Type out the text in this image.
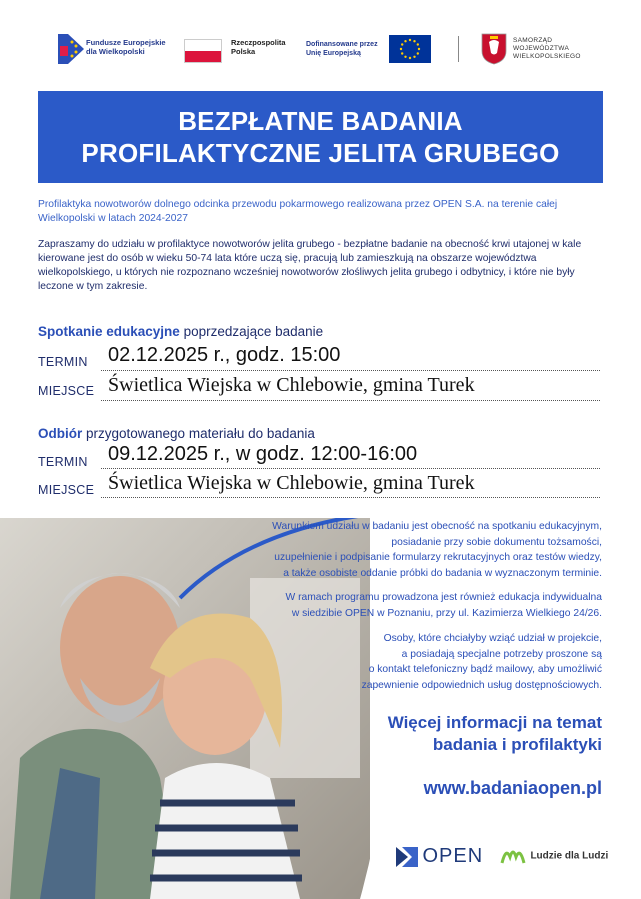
Fundusze Europejskie
dla Wielkopolski
Rzeczpospolita
Polska
Dofinansowane przez
Unię Europejską
SAMORZĄD
WOJEWÓDZTWA
WIELKOPOLSKIEGO
BEZPŁATNE BADANIA
PROFILAKTYCZNE JELITA GRUBEGO
Profilaktyka nowotworów dolnego odcinka przewodu pokarmowego realizowana przez OPEN S.A. na terenie całej Wielkopolski w latach 2024-2027
Zapraszamy do udziału w profilaktyce nowotworów jelita grubego - bezpłatne badanie na obecność krwi utajonej w kale kierowane jest do osób w wieku 50-74 lata które uczą się, pracują lub zamieszkują na obszarze województwa wielkopolskiego, u których nie rozpoznano wcześniej nowotworów złośliwych jelita grubego i odbytnicy, i które nie były leczone w tym zakresie.
Spotkanie edukacyjne poprzedzające badanie
TERMIN 02.12.2025 r., godz. 15:00
MIEJSCE Świetlica Wiejska w Chlebowie, gmina Turek
Odbiór przygotowanego materiału do badania
TERMIN 09.12.2025 r., w godz. 12:00-16:00
MIEJSCE Świetlica Wiejska w Chlebowie, gmina Turek
Warunkiem udziału w badaniu jest obecność na spotkaniu edukacyjnym,
posiadanie przy sobie dokumentu tożsamości,
uzupełnienie i podpisanie formularzy rekrutacyjnych oraz testów wiedzy,
a także osobiste oddanie próbki do badania w wyznaczonym terminie.
W ramach programu prowadzona jest również edukacja indywidualna
w siedzibie OPEN w Poznaniu, przy ul. Kazimierza Wielkiego 24/26.
Osoby, które chciałyby wziąć udział w projekcie,
a posiadają specjalne potrzeby proszone są
o kontakt telefoniczny bądź mailowy, aby umożliwić
zapewnienie odpowiednich usług dostępnościowych.
Więcej informacji na temat
badania i profilaktyki
www.badaniaopen.pl
OPEN	Ludzie dla Ludzi
